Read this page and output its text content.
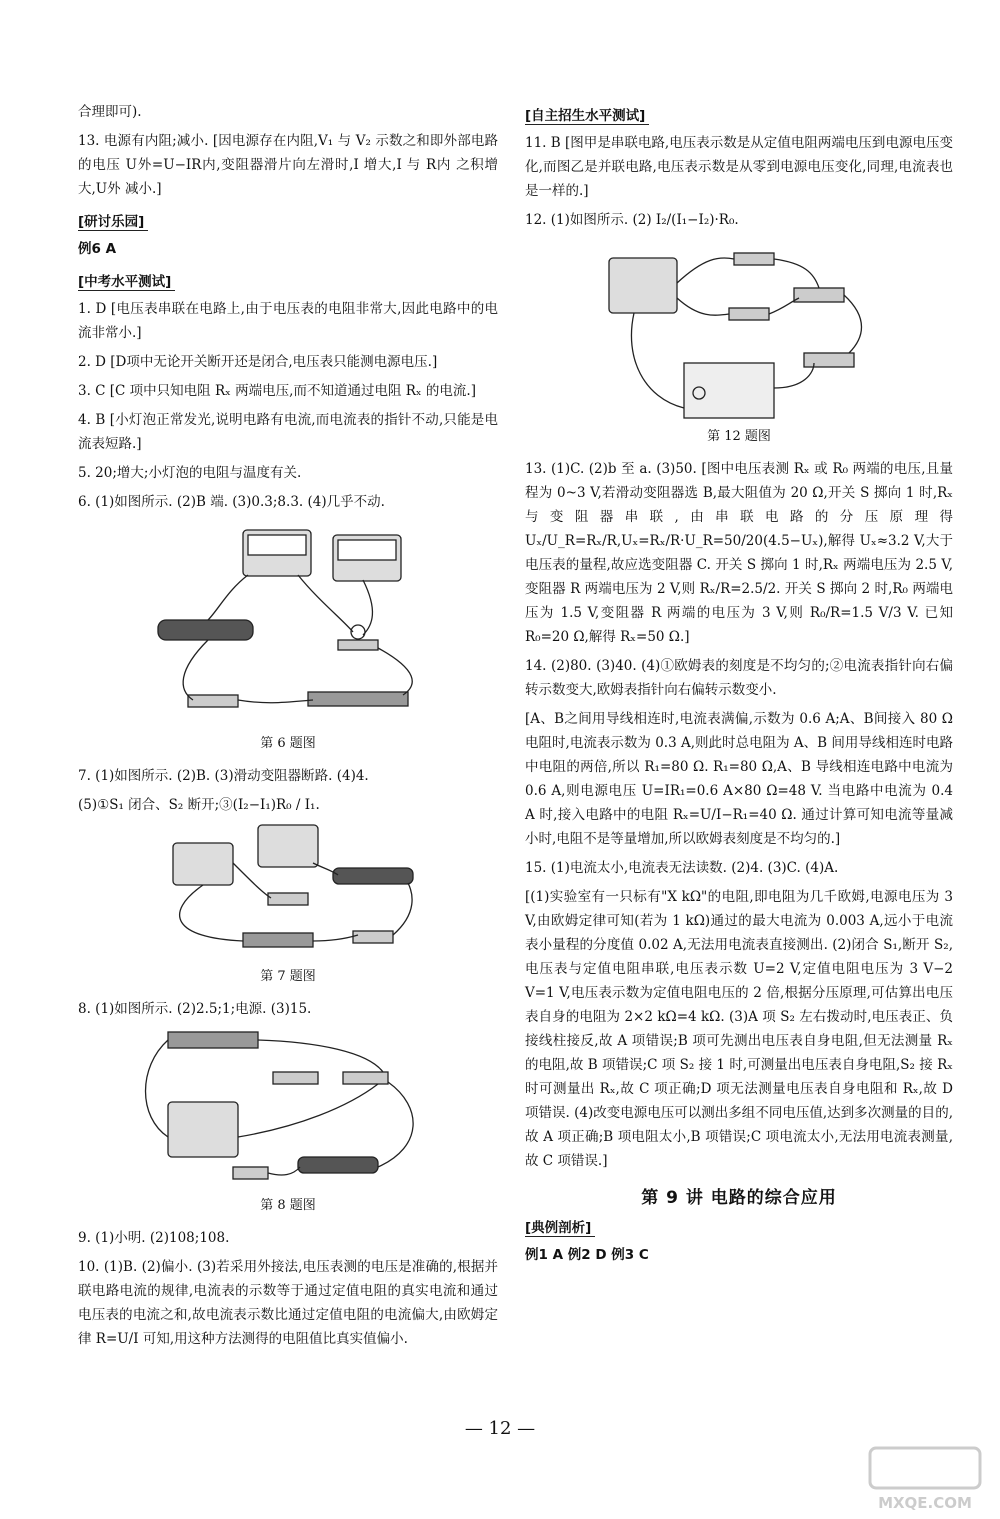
合理即可).

13. 电源有内阻;减小. [因电源存在内阻,V₁ 与 V₂ 示数之和即外部电路的电压 U外=U−IR内,变阻器滑片向左滑时,I 增大,I 与 R内 之积增大,U外 减小.]

[研讨乐园]

例6 A

[中考水平测试]

1. D [电压表串联在电路上,由于电压表的电阻非常大,因此电路中的电流非常小.]

2. D [D项中无论开关断开还是闭合,电压表只能测电源电压.]

3. C [C 项中只知电阻 Rₓ 两端电压,而不知道通过电阻 Rₓ 的电流.]

4. B [小灯泡正常发光,说明电路有电流,而电流表的指针不动,只能是电流表短路.]

5. 20;增大;小灯泡的电阻与温度有关.

6. (1)如图所示. (2)B 端. (3)0.3;8.3. (4)几乎不动.

第 6 题图

7. (1)如图所示. (2)B. (3)滑动变阻器断路. (4)4.

(5)①S₁ 闭合、S₂ 断开;③(I₂−I₁)R₀ / I₁.

第 7 题图

8. (1)如图所示. (2)2.5;1;电源. (3)15.

第 8 题图

9. (1)小明. (2)108;108.

10. (1)B. (2)偏小. (3)若采用外接法,电压表测的电压是准确的,根据并联电路电流的规律,电流表的示数等于通过定值电阻的真实电流和通过电压表的电流之和,故电流表示数比通过定值电阻的电流偏大,由欧姆定律 R=U/I 可知,用这种方法测得的电阻值比真实值偏小.

[自主招生水平测试]

11. B [图甲是串联电路,电压表示数是从定值电阻两端电压到电源电压变化,而图乙是并联电路,电压表示数是从零到电源电压变化,同理,电流表也是一样的.]

12. (1)如图所示. (2) I₂/(I₁−I₂)·R₀.

第 12 题图

13. (1)C. (2)b 至 a. (3)50. [图中电压表测 Rₓ 或 R₀ 两端的电压,且量程为 0~3 V,若滑动变阻器选 B,最大阻值为 20 Ω,开关 S 掷向 1 时,Rₓ 与变阻器串联,由串联电路的分压原理得 Uₓ/U_R=Rₓ/R,Uₓ=Rₓ/R·U_R=50/20(4.5−Uₓ),解得 Uₓ≈3.2 V,大于电压表的量程,故应选变阻器 C. 开关 S 掷向 1 时,Rₓ 两端电压为 2.5 V,变阻器 R 两端电压为 2 V,则 Rₓ/R=2.5/2. 开关 S 掷向 2 时,R₀ 两端电压为 1.5 V,变阻器 R 两端的电压为 3 V,则 R₀/R=1.5 V/3 V. 已知 R₀=20 Ω,解得 Rₓ=50 Ω.]

14. (2)80. (3)40. (4)①欧姆表的刻度是不均匀的;②电流表指针向右偏转示数变大,欧姆表指针向右偏转示数变小.

[A、B之间用导线相连时,电流表满偏,示数为 0.6 A;A、B间接入 80 Ω 电阻时,电流表示数为 0.3 A,则此时总电阻为 A、B 间用导线相连时电路中电阻的两倍,所以 R₁=80 Ω. R₁=80 Ω,A、B 导线相连电路中电流为 0.6 A,则电源电压 U=IR₁=0.6 A×80 Ω=48 V. 当电路中电流为 0.4 A 时,接入电路中的电阻 Rₓ=U/I−R₁=40 Ω. 通过计算可知电流等量减小时,电阻不是等量增加,所以欧姆表刻度是不均匀的.]

15. (1)电流太小,电流表无法读数. (2)4. (3)C. (4)A.

[(1)实验室有一只标有"X kΩ"的电阻,即电阻为几千欧姆,电源电压为 3 V,由欧姆定律可知(若为 1 kΩ)通过的最大电流为 0.003 A,远小于电流表小量程的分度值 0.02 A,无法用电流表直接测出. (2)闭合 S₁,断开 S₂,电压表与定值电阻串联,电压表示数 U=2 V,定值电阻电压为 3 V−2 V=1 V,电压表示数为定值电阻电压的 2 倍,根据分压原理,可估算出电压表自身的电阻为 2×2 kΩ=4 kΩ. (3)A 项 S₂ 左右拨动时,电压表正、负接线柱接反,故 A 项错误;B 项可先测出电压表自身电阻,但无法测量 Rₓ 的电阻,故 B 项错误;C 项 S₂ 接 1 时,可测量出电压表自身电阻,S₂ 接 Rₓ 时可测量出 Rₓ,故 C 项正确;D 项无法测量电压表自身电阻和 Rₓ,故 D 项错误. (4)改变电源电压可以测出多组不同电压值,达到多次测量的目的,故 A 项正确;B 项电阻太小,B 项错误;C 项电流太小,无法用电流表测量,故 C 项错误.]

第 9 讲 电路的综合应用
[典例剖析]

例1 A 例2 D 例3 C

— 12 —
MXQE.COM
